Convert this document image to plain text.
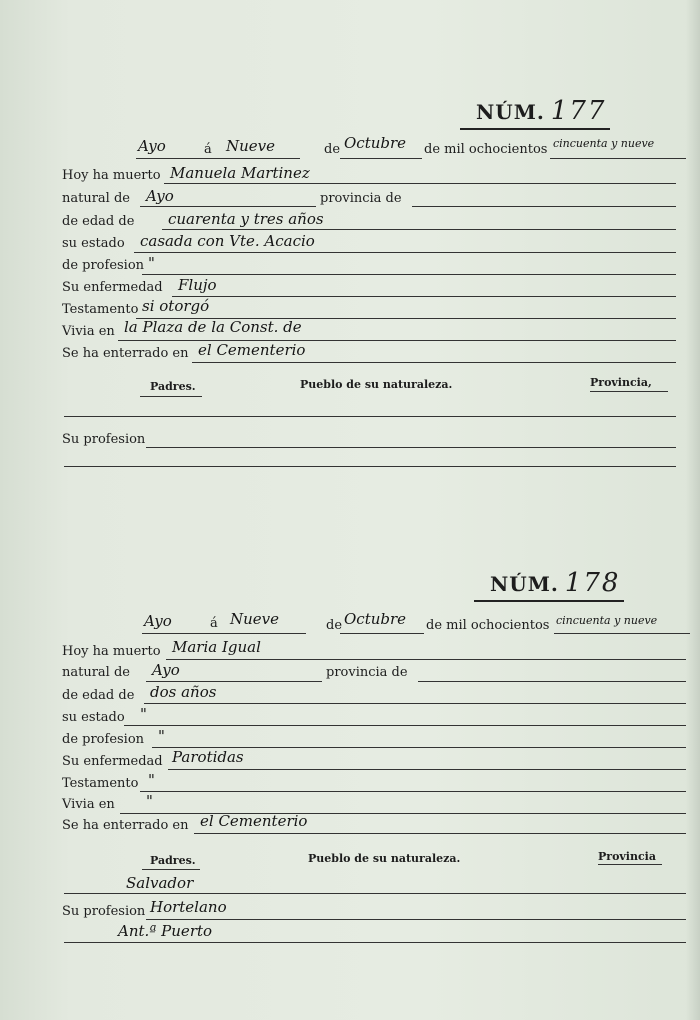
NÚM. 177
Ayo	á Nueve	de Octubre de mil ochocientos cincuenta y nueve
Hoy ha muerto Manuela Martinez
natural de Ayo	provincia de
de edad de cuarenta y tres años
su estado casada con Vte. Acacio
de profesion "
Su enfermedad Flujo
Testamento si otorgó
Vivia en la Plaza de la Const. de
Se ha enterrado en el Cementerio
Padres.	Pueblo de su naturaleza.	Provincia,
Su profesion
NÚM. 178
Ayo	á Nueve	de Octubre de mil ochocientos cincuenta y nueve
Hoy ha muerto Maria Igual
natural de Ayo	provincia de
de edad de dos años
su estado "
de profesion "
Su enfermedad Parotidas
Testamento "
Vivia en "
Se ha enterrado en el Cementerio
Padres.	Pueblo de su naturaleza.	Provincia
Salvador
Su profesion Hortelano
Ant.ª Puerto
